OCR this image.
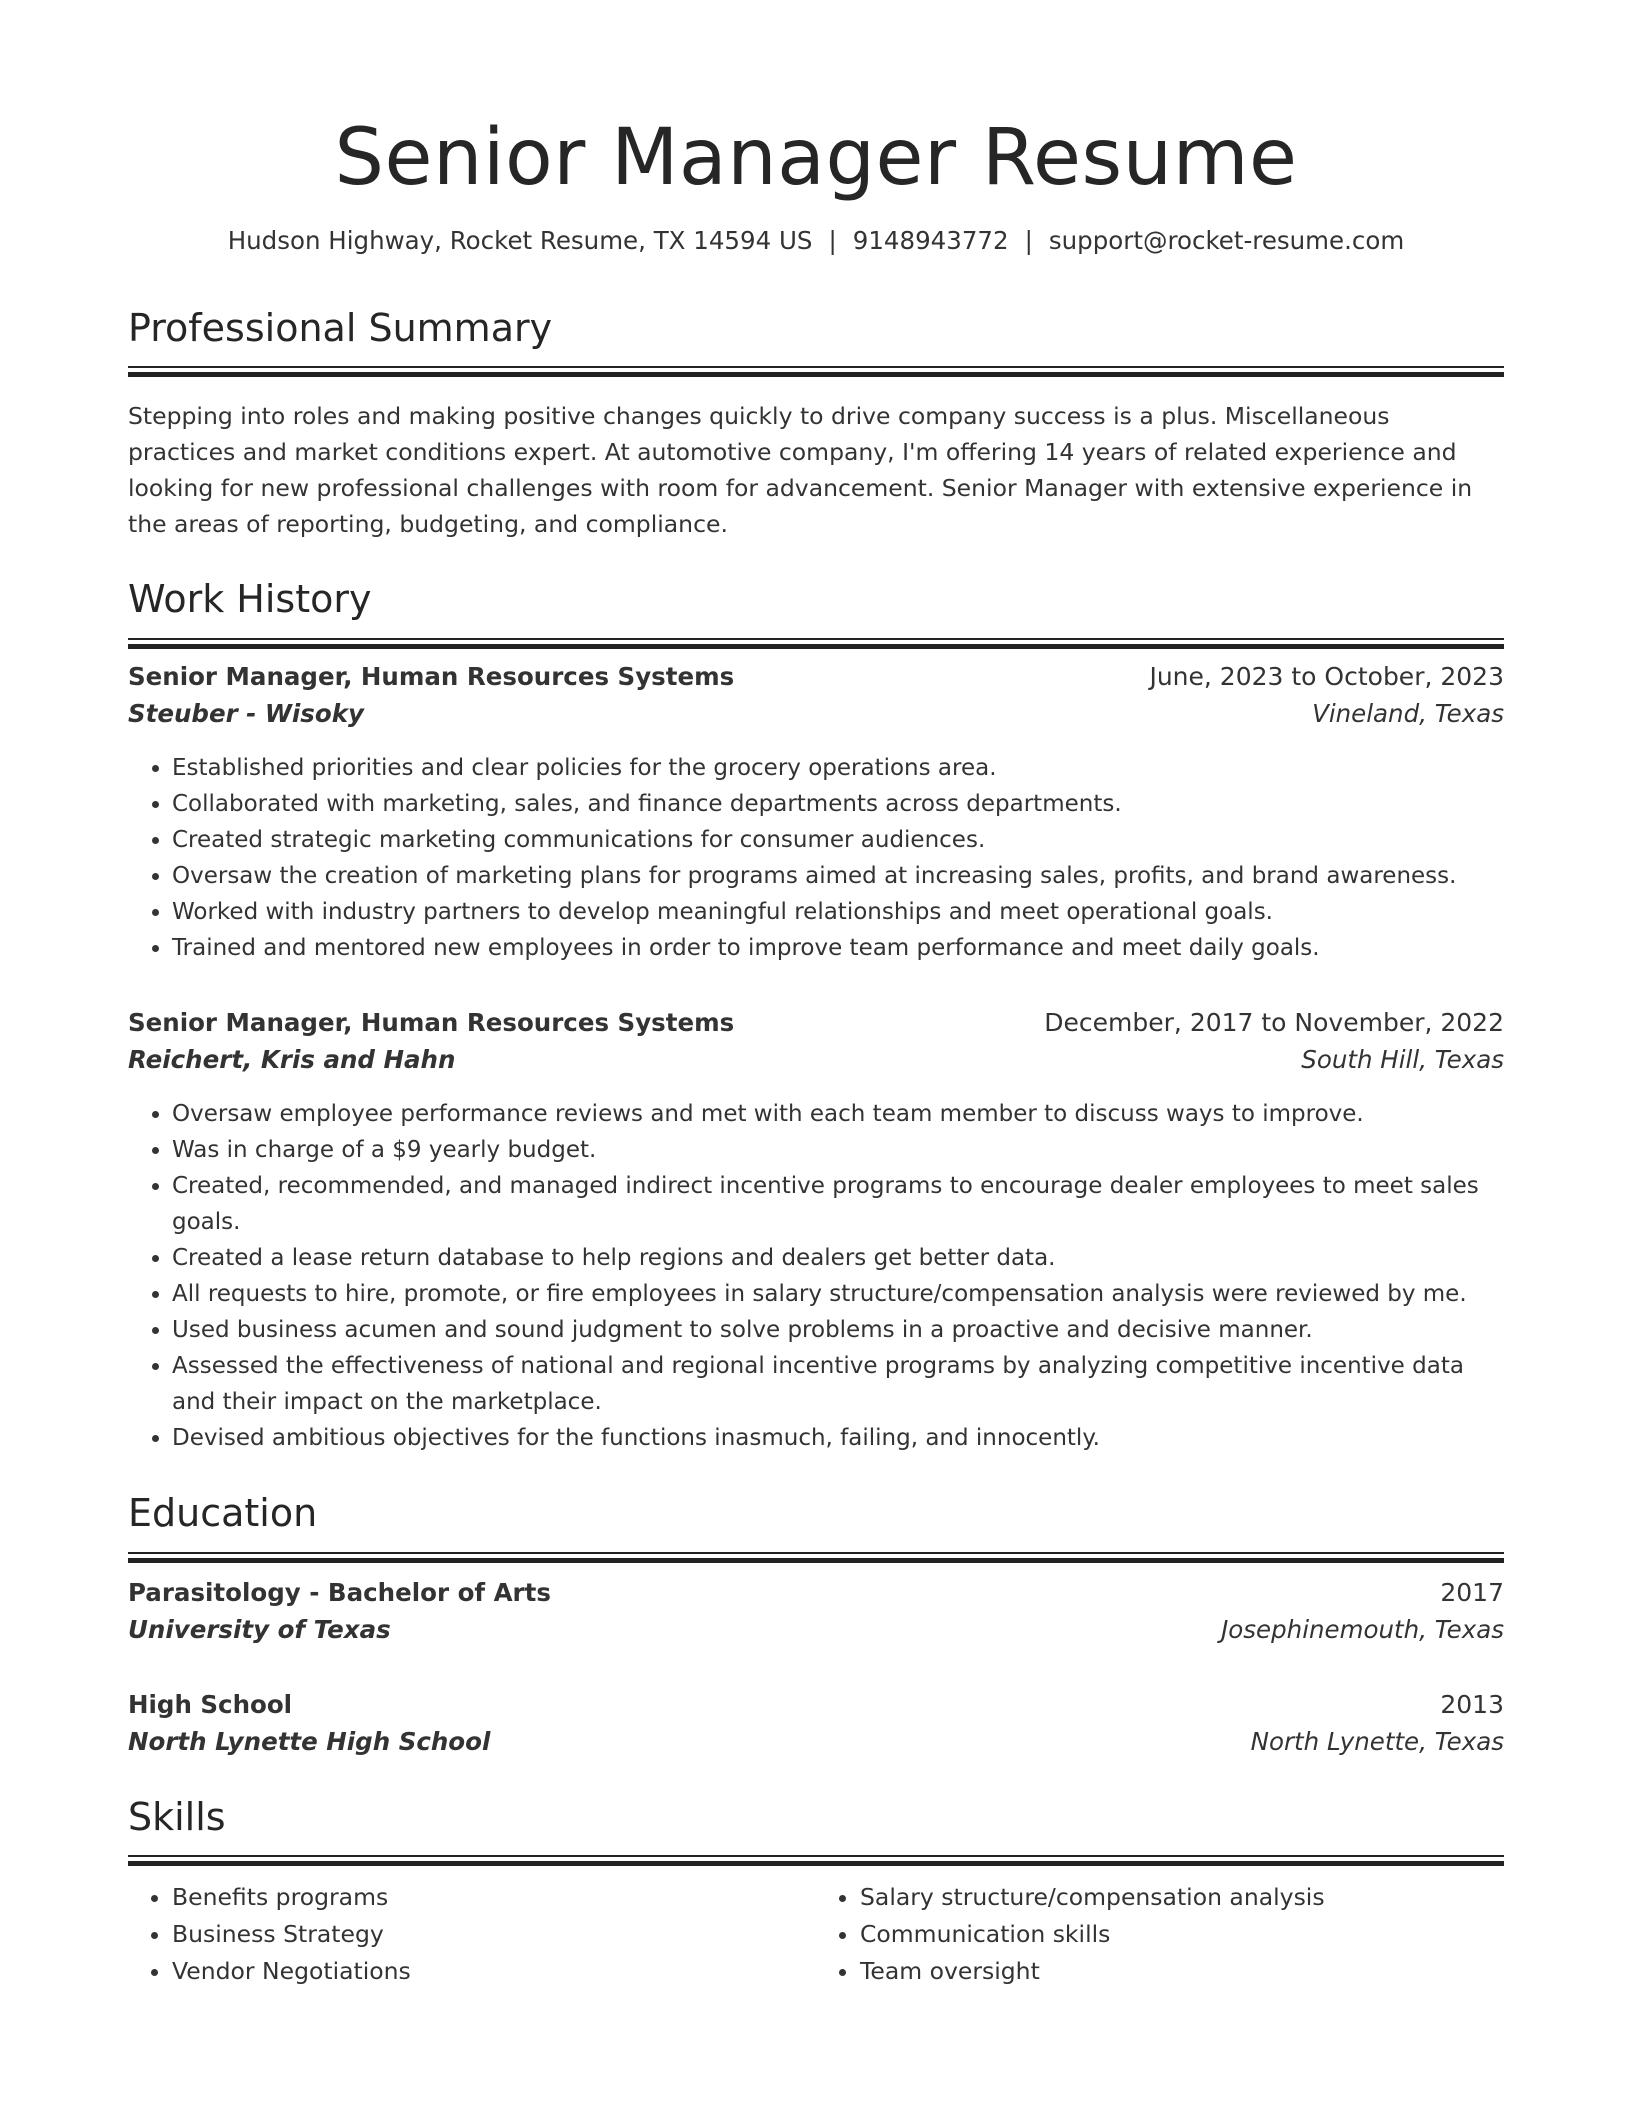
Senior Manager Resume
Hudson Highway, Rocket Resume, TX 14594 US | 9148943772 | support@rocket-resume.com
Professional Summary
Stepping into roles and making positive changes quickly to drive company success is a plus. Miscellaneous practices and market conditions expert. At automotive company, I'm offering 14 years of related experience and looking for new professional challenges with room for advancement. Senior Manager with extensive experience in the areas of reporting, budgeting, and compliance.
Work History
Senior Manager, Human Resources Systems	June, 2023 to October, 2023
Steuber - Wisoky	Vineland, Texas
• Established priorities and clear policies for the grocery operations area.
• Collaborated with marketing, sales, and finance departments across departments.
• Created strategic marketing communications for consumer audiences.
• Oversaw the creation of marketing plans for programs aimed at increasing sales, profits, and brand awareness.
• Worked with industry partners to develop meaningful relationships and meet operational goals.
• Trained and mentored new employees in order to improve team performance and meet daily goals.
Senior Manager, Human Resources Systems	December, 2017 to November, 2022
Reichert, Kris and Hahn	South Hill, Texas
• Oversaw employee performance reviews and met with each team member to discuss ways to improve.
• Was in charge of a $9 yearly budget.
• Created, recommended, and managed indirect incentive programs to encourage dealer employees to meet sales goals.
• Created a lease return database to help regions and dealers get better data.
• All requests to hire, promote, or fire employees in salary structure/compensation analysis were reviewed by me.
• Used business acumen and sound judgment to solve problems in a proactive and decisive manner.
• Assessed the effectiveness of national and regional incentive programs by analyzing competitive incentive data and their impact on the marketplace.
• Devised ambitious objectives for the functions inasmuch, failing, and innocently.
Education
Parasitology - Bachelor of Arts	2017
University of Texas	Josephinemouth, Texas
High School	2013
North Lynette High School	North Lynette, Texas
Skills
• Benefits programs
• Business Strategy
• Vendor Negotiations
• Salary structure/compensation analysis
• Communication skills
• Team oversight
